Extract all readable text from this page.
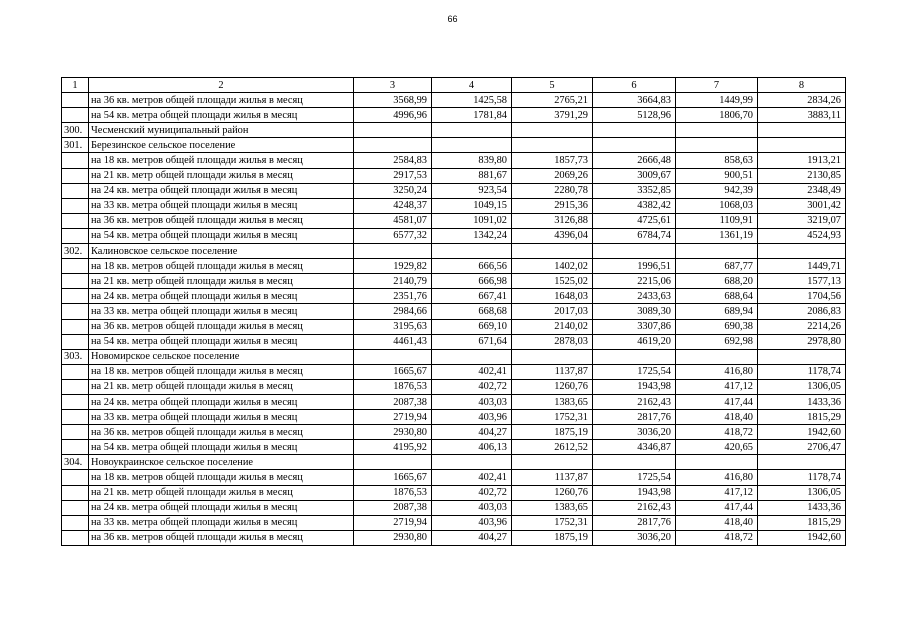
66
1	2	3	4	5	6	7	8
	на 36 кв. метров общей площади жилья в месяц	3568,99	1425,58	2765,21	3664,83	1449,99	2834,26
	на 54 кв. метра общей площади жилья в месяц	4996,96	1781,84	3791,29	5128,96	1806,70	3883,11
300.	Чесменский муниципальный район						
301.	Березинское сельское поселение						
	на 18 кв. метров общей площади жилья в месяц	2584,83	839,80	1857,73	2666,48	858,63	1913,21
	на 21 кв. метр общей площади жилья в месяц	2917,53	881,67	2069,26	3009,67	900,51	2130,85
	на 24 кв. метра общей площади жилья в месяц	3250,24	923,54	2280,78	3352,85	942,39	2348,49
	на 33 кв. метра общей площади жилья в месяц	4248,37	1049,15	2915,36	4382,42	1068,03	3001,42
	на 36 кв. метров общей площади жилья в месяц	4581,07	1091,02	3126,88	4725,61	1109,91	3219,07
	на 54 кв. метра общей площади жилья в месяц	6577,32	1342,24	4396,04	6784,74	1361,19	4524,93
302.	Калиновское сельское поселение						
	на 18 кв. метров общей площади жилья в месяц	1929,82	666,56	1402,02	1996,51	687,77	1449,71
	на 21 кв. метр общей площади жилья в месяц	2140,79	666,98	1525,02	2215,06	688,20	1577,13
	на 24 кв. метра общей площади жилья в месяц	2351,76	667,41	1648,03	2433,63	688,64	1704,56
	на 33 кв. метра общей площади жилья в месяц	2984,66	668,68	2017,03	3089,30	689,94	2086,83
	на 36 кв. метров общей площади жилья в месяц	3195,63	669,10	2140,02	3307,86	690,38	2214,26
	на 54 кв. метра общей площади жилья в месяц	4461,43	671,64	2878,03	4619,20	692,98	2978,80
303.	Новомирское сельское поселение						
	на 18 кв. метров общей площади жилья в месяц	1665,67	402,41	1137,87	1725,54	416,80	1178,74
	на 21 кв. метр общей площади жилья в месяц	1876,53	402,72	1260,76	1943,98	417,12	1306,05
	на 24 кв. метра общей площади жилья в месяц	2087,38	403,03	1383,65	2162,43	417,44	1433,36
	на 33 кв. метра общей площади жилья в месяц	2719,94	403,96	1752,31	2817,76	418,40	1815,29
	на 36 кв. метров общей площади жилья в месяц	2930,80	404,27	1875,19	3036,20	418,72	1942,60
	на 54 кв. метра общей площади жилья в месяц	4195,92	406,13	2612,52	4346,87	420,65	2706,47
304.	Новоукраинское сельское поселение						
	на 18 кв. метров общей площади жилья в месяц	1665,67	402,41	1137,87	1725,54	416,80	1178,74
	на 21 кв. метр общей площади жилья в месяц	1876,53	402,72	1260,76	1943,98	417,12	1306,05
	на 24 кв. метра общей площади жилья в месяц	2087,38	403,03	1383,65	2162,43	417,44	1433,36
	на 33 кв. метра общей площади жилья в месяц	2719,94	403,96	1752,31	2817,76	418,40	1815,29
	на 36 кв. метров общей площади жилья в месяц	2930,80	404,27	1875,19	3036,20	418,72	1942,60
